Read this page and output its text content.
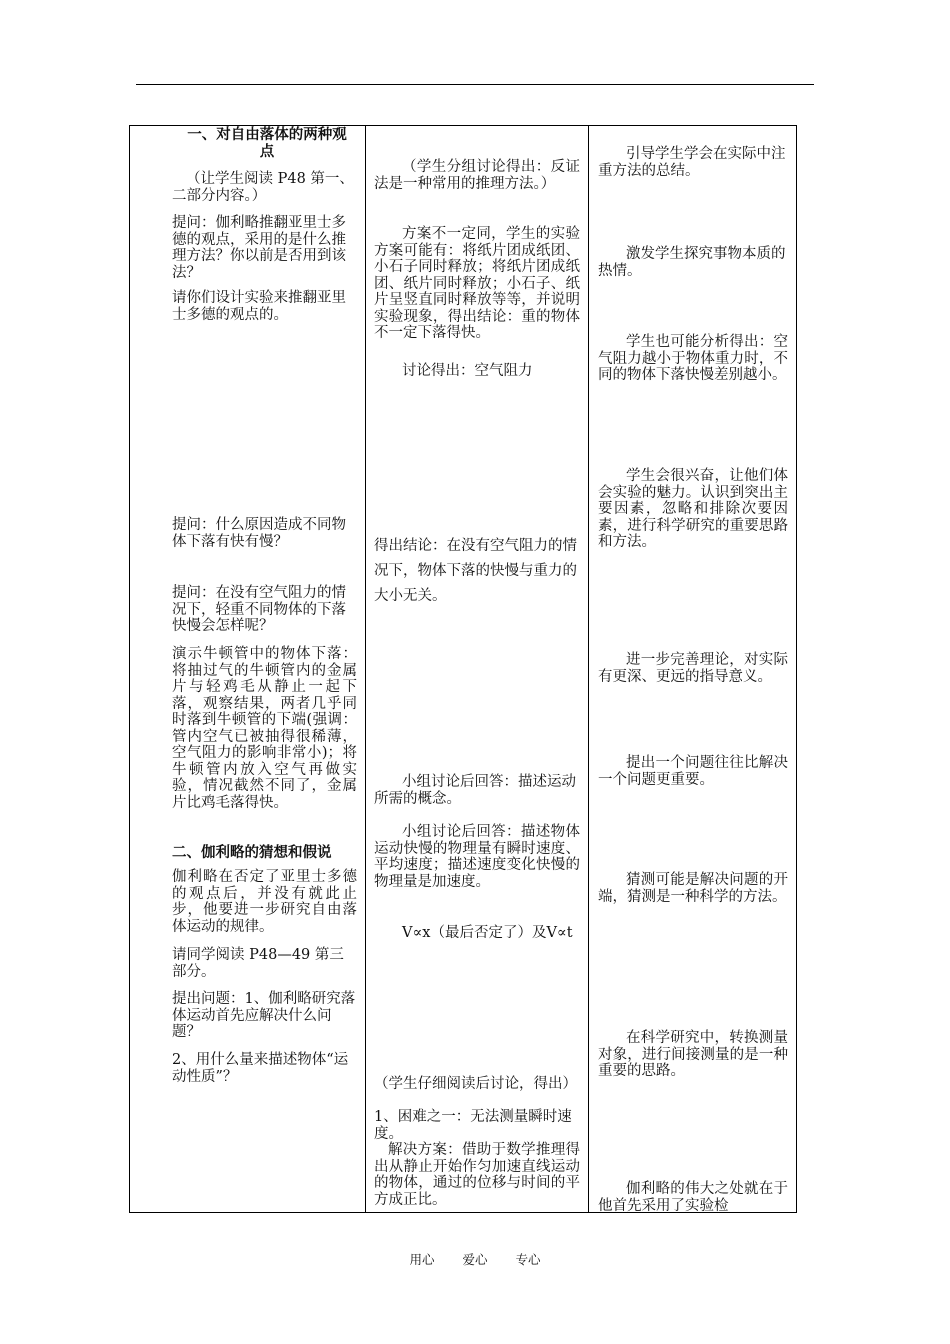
一、对自由落体的两种观
点

（让学生阅读 P48 第一、二部分内容。）

提问：伽利略推翻亚里士多德的观点，采用的是什么推理方法？你以前是否用到该法？

请你们设计实验来推翻亚里士多德的观点的。

提问：什么原因造成不同物体下落有快有慢？

提问：在没有空气阻力的情况下，轻重不同物体的下落快慢会怎样呢？

演示牛顿管中的物体下落：将抽过气的牛顿管内的金属片与轻鸡毛从静止一起下落，观察结果，两者几乎同时落到牛顿管的下端(强调：管内空气已被抽得很稀薄，空气阻力的影响非常小)；将牛顿管内放入空气再做实验，情况截然不同了，金属片比鸡毛落得快。

二、伽利略的猜想和假说

伽利略在否定了亚里士多德的观点后，并没有就此止步，他要进一步研究自由落体运动的规律。

请同学阅读 P48—49 第三部分。

提出问题：1、伽利略研究落体运动首先应解决什么问题？

2、用什么量来描述物体“运动性质”？

（学生分组讨论得出：反证法是一种常用的推理方法。）

方案不一定同，学生的实验方案可能有：将纸片团成纸团、小石子同时释放；将纸片团成纸团、纸片同时释放；小石子、纸片呈竖直同时释放等等，并说明实验现象，得出结论：重的物体不一定下落得快。

讨论得出：空气阻力

得出结论：在没有空气阻力的情况下，物体下落的快慢与重力的大小无关。

小组讨论后回答：描述运动所需的概念。

小组讨论后回答：描述物体运动快慢的物理量有瞬时速度、平均速度；描述速度变化快慢的物理量是加速度。

V∝x（最后否定了）及V∝t

（学生仔细阅读后讨论，得出）

1、困难之一：无法测量瞬时速度。

解决方案：借助于数学推理得出从静止开始作匀加速直线运动的物体，通过的位移与时间的平方成正比。

引导学生学会在实际中注重方法的总结。

激发学生探究事物本质的热情。

学生也可能分析得出：空气阻力越小于物体重力时，不同的物体下落快慢差别越小。

学生会很兴奋，让他们体会实验的魅力。认识到突出主要因素，忽略和排除次要因素，进行科学研究的重要思路和方法。

进一步完善理论，对实际有更深、更远的指导意义。

提出一个问题往往比解决一个问题更重要。

猜测可能是解决问题的开端，猜测是一种科学的方法。

在科学研究中，转换测量对象，进行间接测量的是一种重要的思路。

伽利略的伟大之处就在于他首先采用了实验检

用心 爱心 专心
